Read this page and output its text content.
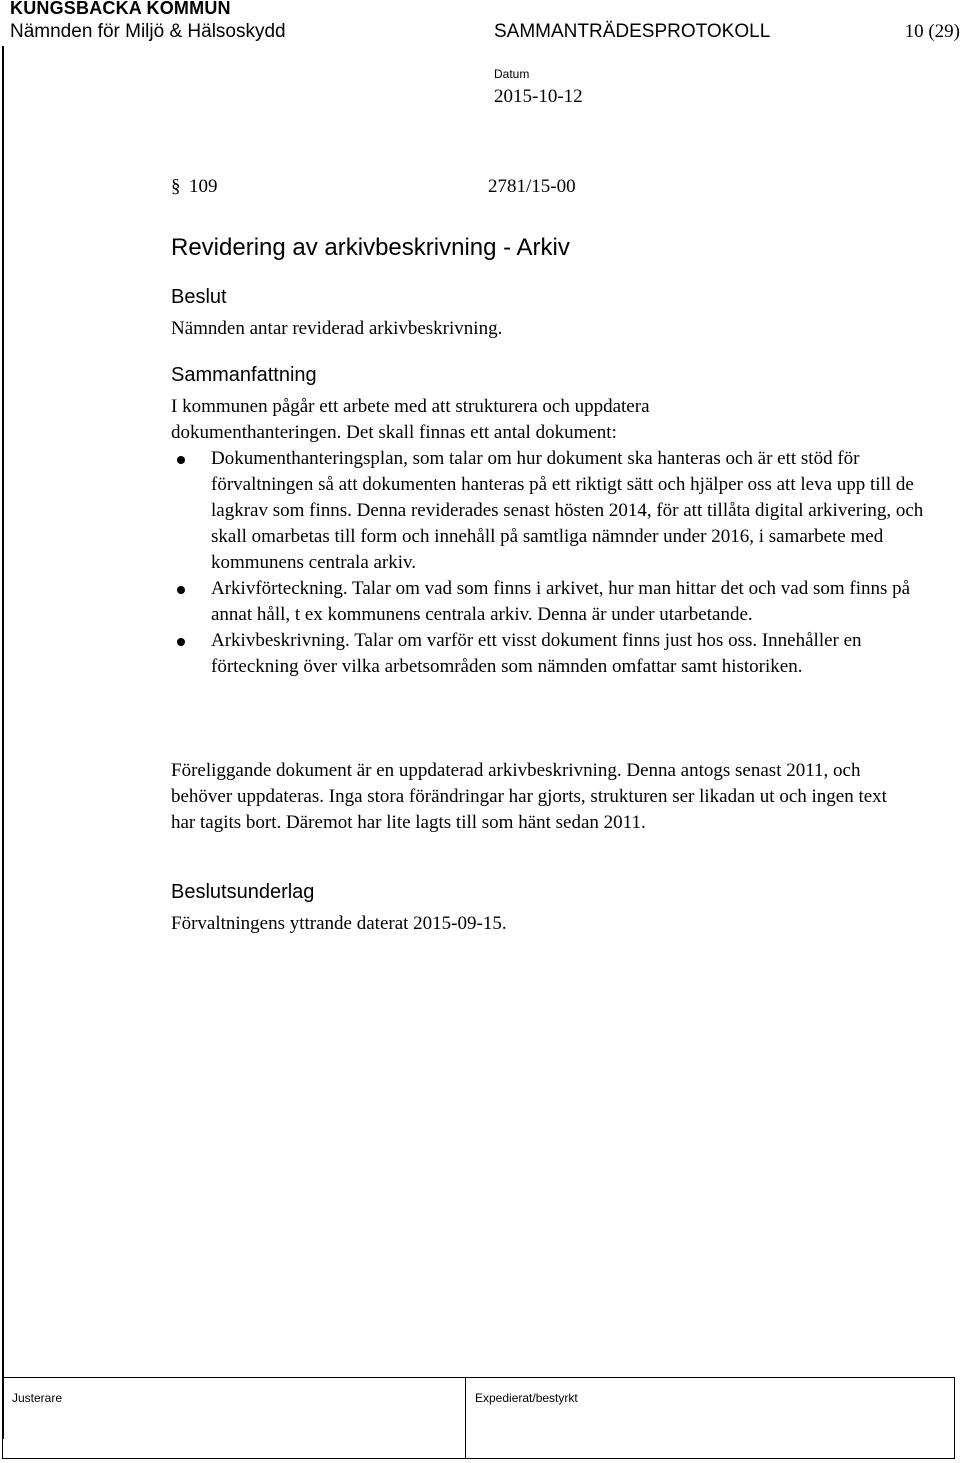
KUNGSBACKA KOMMUN
Nämnden för Miljö & Hälsoskydd	SAMMANTRÄDESPROTOKOLL	10 (29)
Datum
2015-10-12
§ 109	2781/15-00
Revidering av arkivbeskrivning - Arkiv
Beslut

Nämnden antar reviderad arkivbeskrivning.

Sammanfattning

I kommunen pågår ett arbete med att strukturera och uppdatera dokumenthanteringen. Det skall finnas ett antal dokument:

Dokumenthanteringsplan, som talar om hur dokument ska hanteras och är ett stöd för förvaltningen så att dokumenten hanteras på ett riktigt sätt och hjälper oss att leva upp till de lagkrav som finns. Denna reviderades senast hösten 2014, för att tillåta digital arkivering, och skall omarbetas till form och innehåll på samtliga nämnder under 2016, i samarbete med kommunens centrala arkiv.
Arkivförteckning. Talar om vad som finns i arkivet, hur man hittar det och vad som finns på annat håll, t ex kommunens centrala arkiv. Denna är under utarbetande.
Arkivbeskrivning. Talar om varför ett visst dokument finns just hos oss. Innehåller en förteckning över vilka arbetsområden som nämnden omfattar samt historiken.

Föreliggande dokument är en uppdaterad arkivbeskrivning. Denna antogs senast 2011, och behöver uppdateras. Inga stora förändringar har gjorts, strukturen ser likadan ut och ingen text har tagits bort. Däremot har lite lagts till som hänt sedan 2011.

Beslutsunderlag

Förvaltningens yttrande daterat 2015-09-15.

Justerare	Expedierat/bestyrkt
